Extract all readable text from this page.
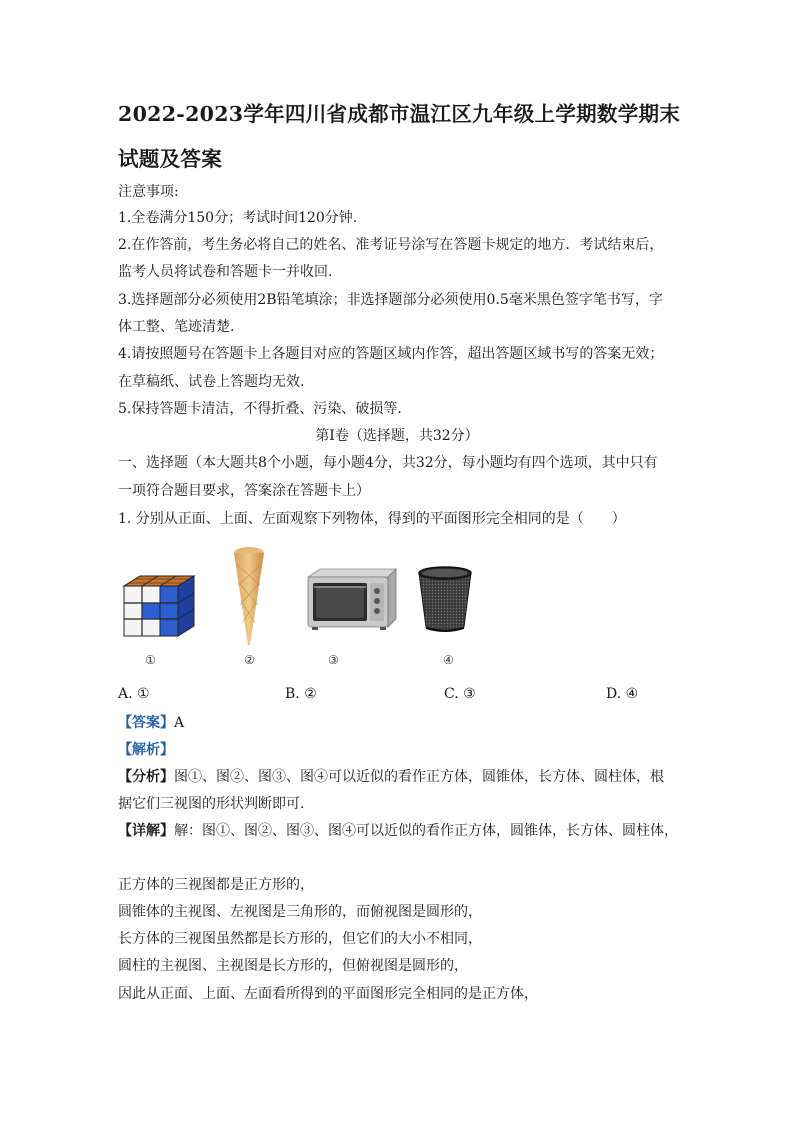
2022-2023学年四川省成都市温江区九年级上学期数学期末
试题及答案
注意事项:
1.全卷满分150分；考试时间120分钟.
2.在作答前，考生务必将自己的姓名、准考证号涂写在答题卡规定的地方．考试结束后，
监考人员将试卷和答题卡一并收回.
3.选择题部分必须使用2B铅笔填涂；非选择题部分必须使用0.5毫米黑色签字笔书写，字
体工整、笔迹清楚.
4.请按照题号在答题卡上各题目对应的答题区域内作答，超出答题区域书写的答案无效；
在草稿纸、试卷上答题均无效.
5.保持答题卡清洁，不得折叠、污染、破损等.
第Ⅰ卷（选择题，共32分）
一、选择题（本大题共8个小题，每小题4分，共32分，每小题均有四个选项，其中只有
一项符合题目要求，答案涂在答题卡上）
1. 分别从正面、上面、左面观察下列物体，得到的平面图形完全相同的是（　　）
①	②	③	④
A. ①	B. ②	C. ③	D. ④
【答案】A
【解析】
【分析】图①、图②、图③、图④可以近似的看作正方体，圆锥体，长方体、圆柱体，根
据它们三视图的形状判断即可.
【详解】解：图①、图②、图③、图④可以近似的看作正方体，圆锥体，长方体、圆柱体，
正方体的三视图都是正方形的，
圆锥体的主视图、左视图是三角形的，而俯视图是圆形的，
长方体的三视图虽然都是长方形的，但它们的大小不相同，
圆柱的主视图、主视图是长方形的，但俯视图是圆形的，
因此从正面、上面、左面看所得到的平面图形完全相同的是正方体，
